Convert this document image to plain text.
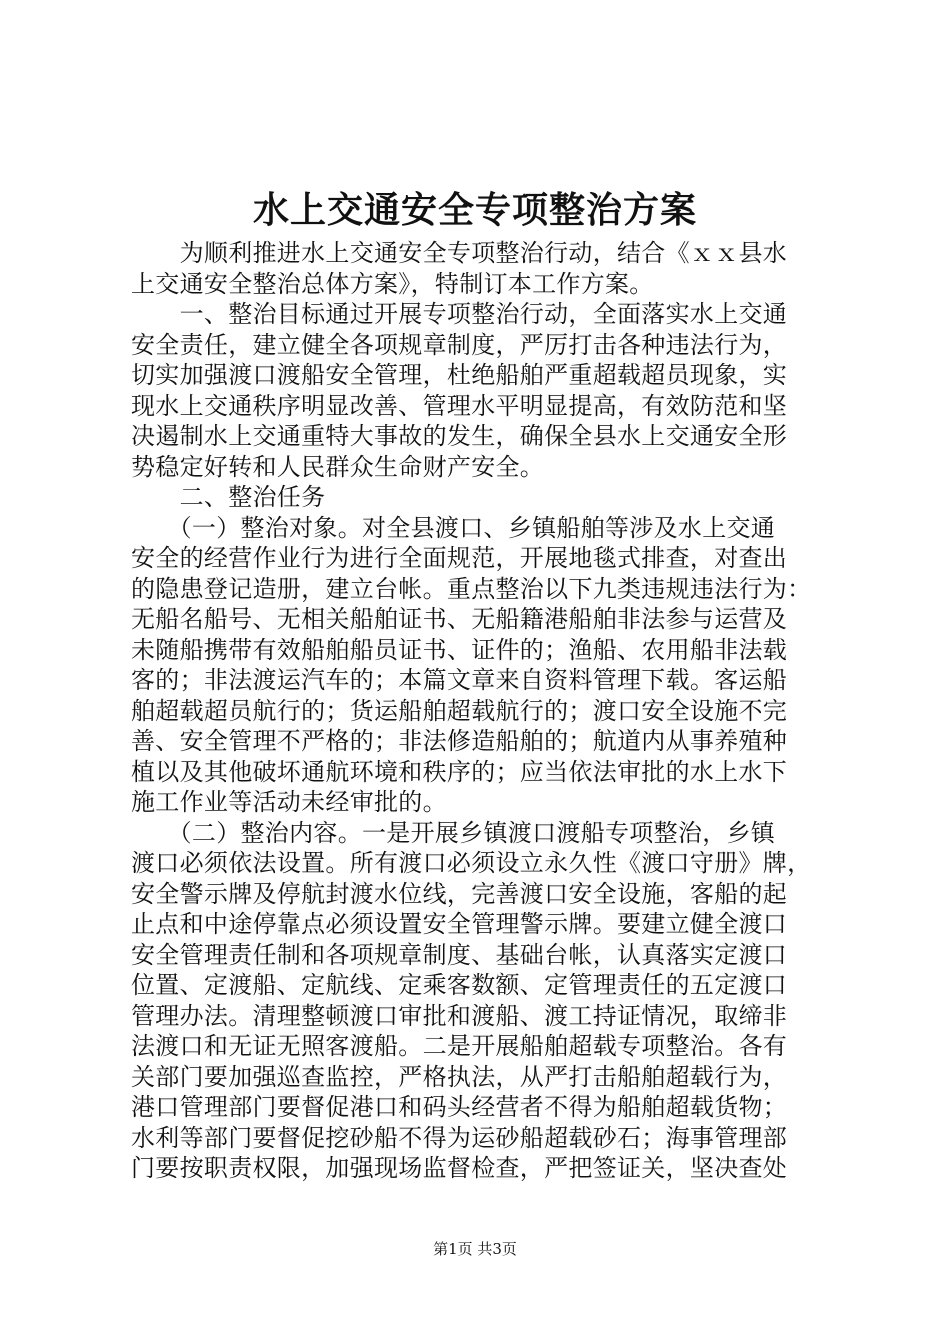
水上交通安全专项整治方案
　　为顺利推进水上交通安全专项整治行动，结合《ｘｘ县水
上交通安全整治总体方案》，特制订本工作方案。
　　一、整治目标通过开展专项整治行动，全面落实水上交通
安全责任，建立健全各项规章制度，严厉打击各种违法行为，
切实加强渡口渡船安全管理，杜绝船舶严重超载超员现象，实
现水上交通秩序明显改善、管理水平明显提高，有效防范和坚
决遏制水上交通重特大事故的发生，确保全县水上交通安全形
势稳定好转和人民群众生命财产安全。
　　二、整治任务
　　（一）整治对象。对全县渡口、乡镇船舶等涉及水上交通
安全的经营作业行为进行全面规范，开展地毯式排查，对查出
的隐患登记造册，建立台帐。重点整治以下九类违规违法行为：
无船名船号、无相关船舶证书、无船籍港船舶非法参与运营及
未随船携带有效船舶船员证书、证件的；渔船、农用船非法载
客的；非法渡运汽车的；本篇文章来自资料管理下载。客运船
舶超载超员航行的；货运船舶超载航行的；渡口安全设施不完
善、安全管理不严格的；非法修造船舶的；航道内从事养殖种
植以及其他破坏通航环境和秩序的；应当依法审批的水上水下
施工作业等活动未经审批的。
　　（二）整治内容。一是开展乡镇渡口渡船专项整治，乡镇
渡口必须依法设置。所有渡口必须设立永久性《渡口守册》牌，
安全警示牌及停航封渡水位线，完善渡口安全设施，客船的起
止点和中途停靠点必须设置安全管理警示牌。要建立健全渡口
安全管理责任制和各项规章制度、基础台帐，认真落实定渡口
位置、定渡船、定航线、定乘客数额、定管理责任的五定渡口
管理办法。清理整顿渡口审批和渡船、渡工持证情况，取缔非
法渡口和无证无照客渡船。二是开展船舶超载专项整治。各有
关部门要加强巡查监控，严格执法，从严打击船舶超载行为，
港口管理部门要督促港口和码头经营者不得为船舶超载货物；
水利等部门要督促挖砂船不得为运砂船超载砂石；海事管理部
门要按职责权限，加强现场监督检查，严把签证关，坚决查处
第1页 共3页
